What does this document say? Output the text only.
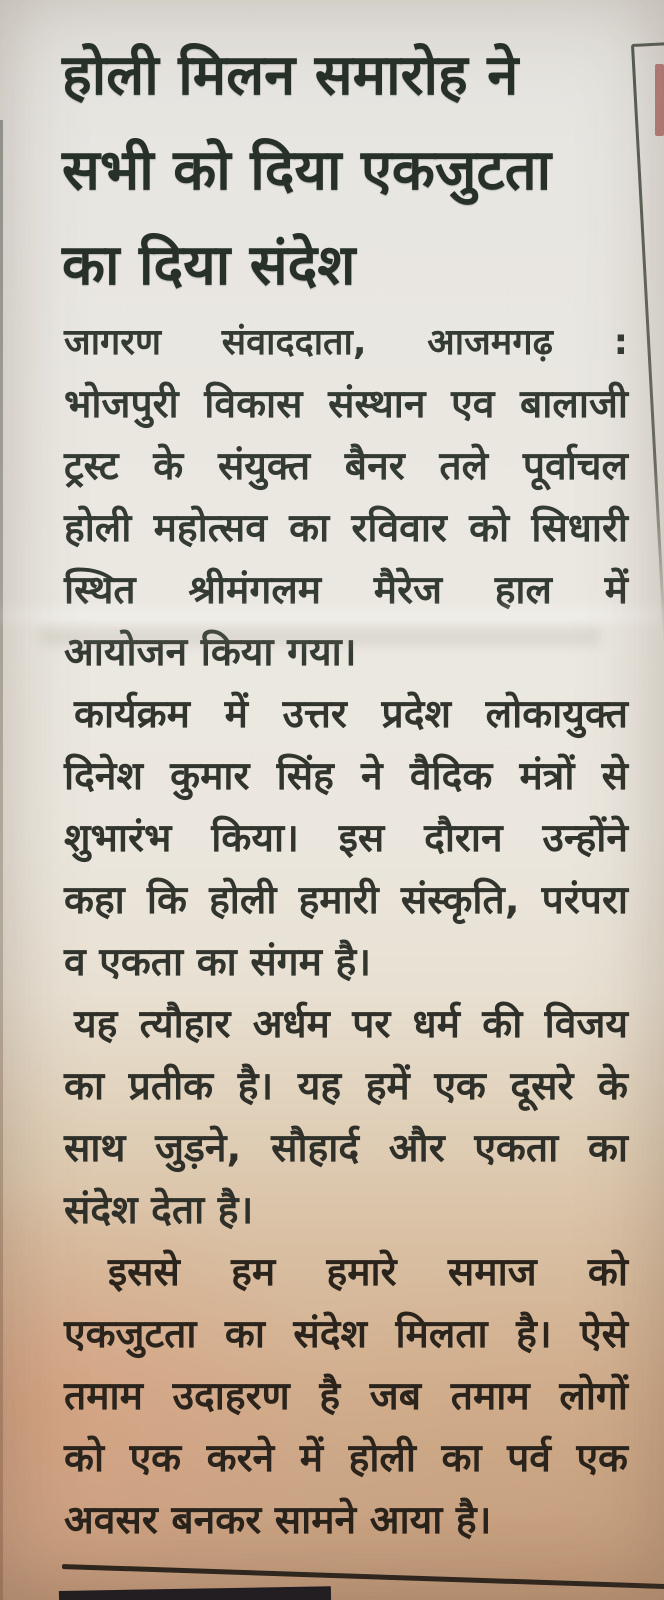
होली मिलन समारोह ने
सभी को दिया एकजुटता
का दिया संदेश
जागरण संवाददाता, आजमगढ़ :
भोजपुरी विकास संस्थान एव बालाजी
ट्रस्ट के संयुक्त बैनर तले पूर्वाचल
होली महोत्सव का रविवार को सिधारी
स्थित श्रीमंगलम मैरेज हाल में
आयोजन किया गया।
कार्यक्रम में उत्तर प्रदेश लोकायुक्त
दिनेश कुमार सिंह ने वैदिक मंत्रों से
शुभारंभ किया। इस दौरान उन्होंने
कहा कि होली हमारी संस्कृति, परंपरा
व एकता का संगम है।
यह त्यौहार अर्धम पर धर्म की विजय
का प्रतीक है। यह हमें एक दूसरे के
साथ जुड़ने, सौहार्द और एकता का
संदेश देता है।
इससे हम हमारे समाज को
एकजुटता का संदेश मिलता है। ऐसे
तमाम उदाहरण है जब तमाम लोगों
को एक करने में होली का पर्व एक
अवसर बनकर सामने आया है।
